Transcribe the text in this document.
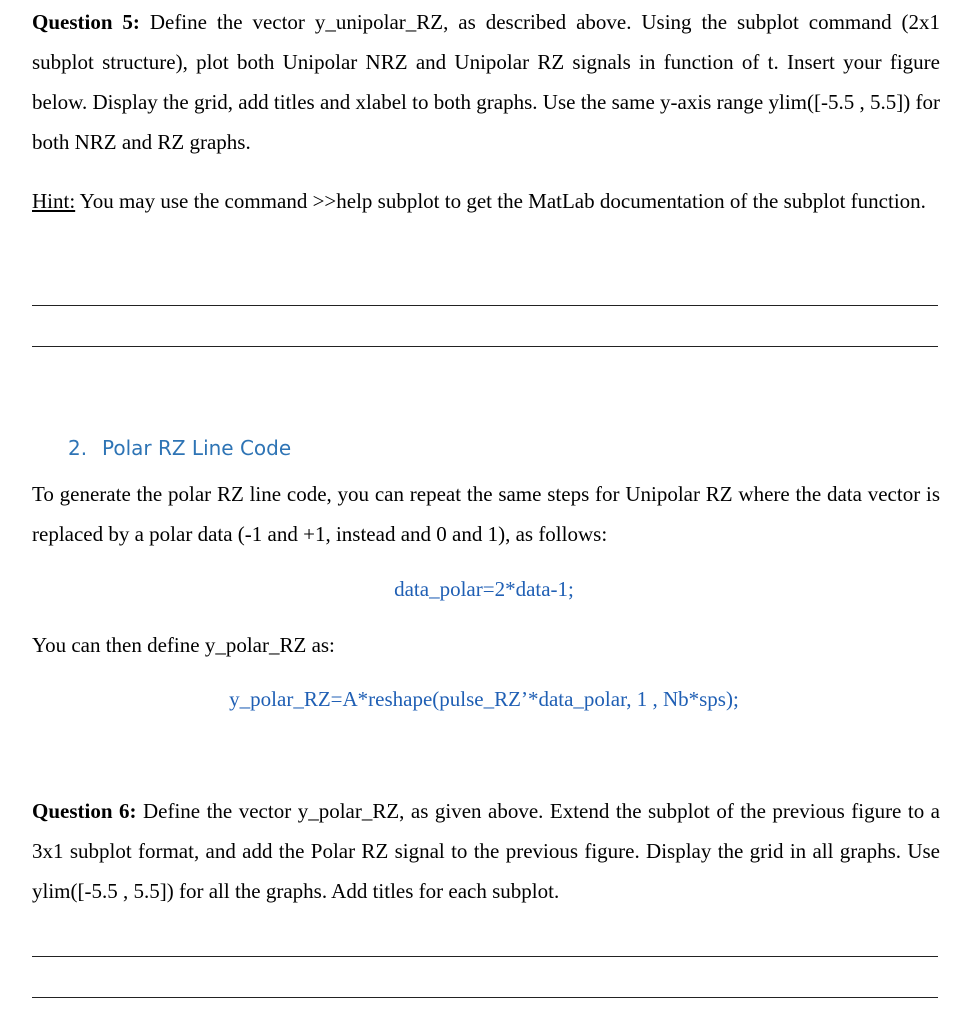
Question 5: Define the vector y_unipolar_RZ, as described above. Using the subplot command (2x1 subplot structure), plot both Unipolar NRZ and Unipolar RZ signals in function of t. Insert your figure below. Display the grid, add titles and xlabel to both graphs. Use the same y-axis range ylim([-5.5 , 5.5]) for both NRZ and RZ graphs.

Hint: You may use the command >>help subplot to get the MatLab documentation of the subplot function.

2. Polar RZ Line Code

To generate the polar RZ line code, you can repeat the same steps for Unipolar RZ where the data vector is replaced by a polar data (-1 and +1, instead and 0 and 1), as follows:

data_polar=2*data-1;

You can then define y_polar_RZ as:

y_polar_RZ=A*reshape(pulse_RZ’*data_polar, 1 , Nb*sps);

Question 6: Define the vector y_polar_RZ, as given above. Extend the subplot of the previous figure to a 3x1 subplot format, and add the Polar RZ signal to the previous figure. Display the grid in all graphs. Use ylim([-5.5 , 5.5]) for all the graphs. Add titles for each subplot.
